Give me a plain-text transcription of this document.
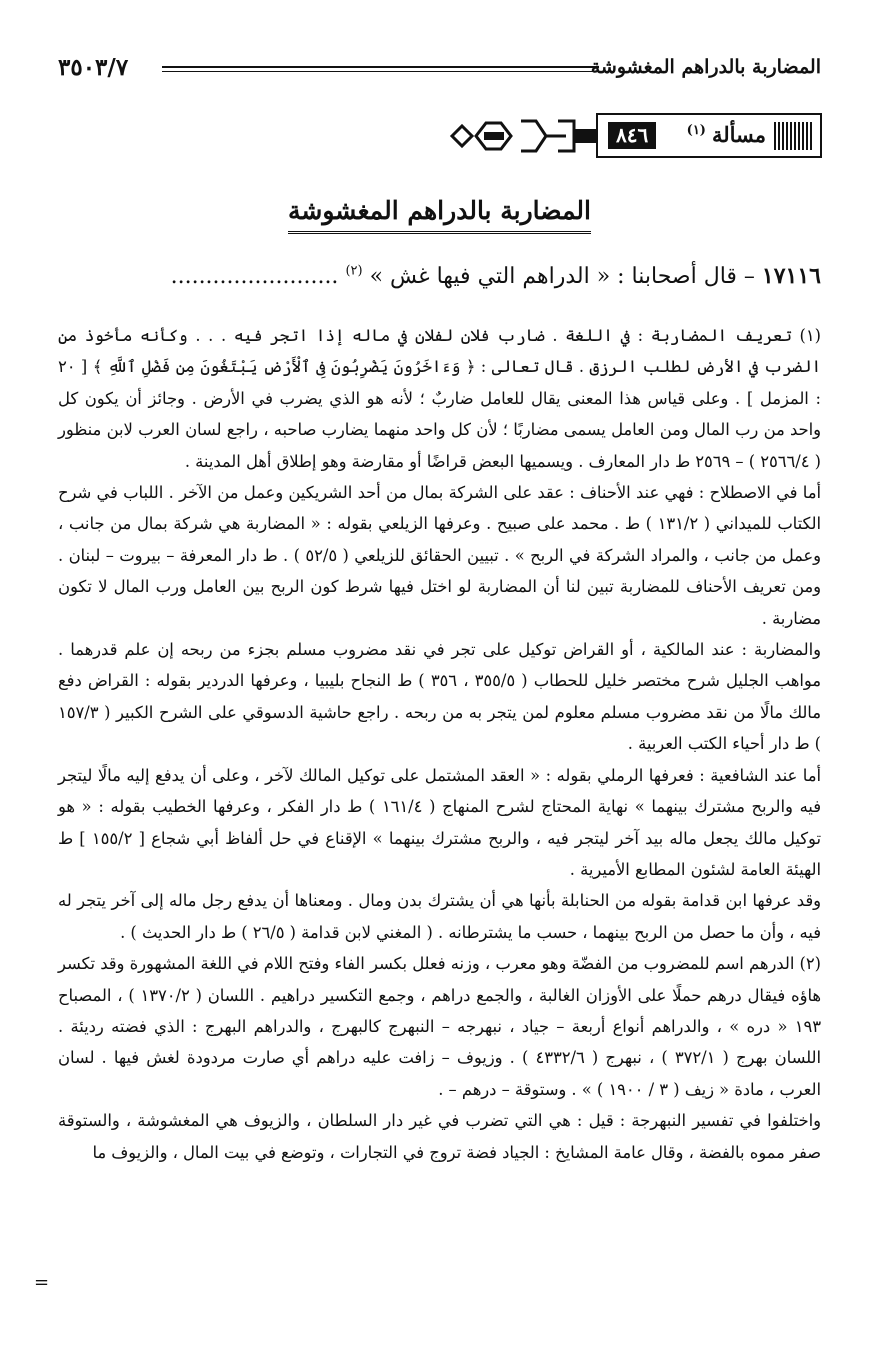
المضاربة بالدراهم المغشوشة
٣٥٠٣/٧
مسألة$^{(١)}$
٨٤٦
المضاربة بالدراهم المغشوشة
١٧١١٦ – قال أصحابنا : « الدراهم التي فيها غش » $^{(٢)}$ ........................

(١) تعريف المضاربة : في اللغة . ضارب فلان لفلان في ماله إذا اتجر فيه . . . وكأنه مأخوذ من الضرب في الأرض لطلب الرزق . قال تعالى : ﴿ وَءَاخَرُونَ يَضْرِبُونَ فِى ٱلْأَرْضِ يَبْتَغُونَ مِن فَضْلِ ٱللَّهِ ﴾ [ ٢٠ : المزمل ] . وعلى قياس هذا المعنى يقال للعامل ضاربٌ ؛ لأنه هو الذي يضرب في الأرض . وجائز أن يكون كل واحد من رب المال ومن العامل يسمى مضاربًا ؛ لأن كل واحد منهما يضارب صاحبه ، راجع لسان العرب لابن منظور ( ٢٥٦٦/٤ ) – ٢٥٦٩ ط دار المعارف . ويسميها البعض قراضًا أو مقارضة وهو إطلاق أهل المدينة .

أما في الاصطلاح : فهي عند الأحناف : عقد على الشركة بمال من أحد الشريكين وعمل من الآخر . اللباب في شرح الكتاب للميداني ( ١٣١/٢ ) ط . محمد على صبيح . وعرفها الزيلعي بقوله : « المضاربة هي شركة بمال من جانب ، وعمل من جانب ، والمراد الشركة في الربح » . تبيين الحقائق للزيلعي ( ٥٢/٥ ) . ط دار المعرفة – بيروت – لبنان . ومن تعريف الأحناف للمضاربة تبين لنا أن المضاربة لو اختل فيها شرط كون الربح بين العامل ورب المال لا تكون مضاربة .

والمضاربة : عند المالكية ، أو القراض توكيل على تجر في نقد مضروب مسلم بجزء من ربحه إن علم قدرهما . مواهب الجليل شرح مختصر خليل للحطاب ( ٣٥٥/٥ ، ٣٥٦ ) ط النجاح بليبيا ، وعرفها الدردير بقوله : القراض دفع مالك مالًا من نقد مضروب مسلم معلوم لمن يتجر به من ربحه . راجع حاشية الدسوقي على الشرح الكبير ( ١٥٧/٣ ) ط دار أحياء الكتب العربية .

أما عند الشافعية : فعرفها الرملي بقوله : « العقد المشتمل على توكيل المالك لآخر ، وعلى أن يدفع إليه مالًا ليتجر فيه والربح مشترك بينهما » نهاية المحتاج لشرح المنهاج ( ١٦١/٤ ) ط دار الفكر ، وعرفها الخطيب بقوله : « هو توكيل مالك يجعل ماله بيد آخر ليتجر فيه ، والربح مشترك بينهما » الإقناع في حل ألفاظ أبي شجاع [ ١٥٥/٢ ] ط الهيئة العامة لشئون المطابع الأميرية .

وقد عرفها ابن قدامة بقوله من الحنابلة بأنها هي أن يشترك بدن ومال . ومعناها أن يدفع رجل ماله إلى آخر يتجر له فيه ، وأن ما حصل من الربح بينهما ، حسب ما يشترطانه . ( المغني لابن قدامة ( ٢٦/٥ ) ط دار الحديث ) .

(٢) الدرهم اسم للمضروب من الفضّة وهو معرب ، وزنه فعلل بكسر الفاء وفتح اللام في اللغة المشهورة وقد تكسر هاؤه فيقال درهم حملًا على الأوزان الغالبة ، والجمع دراهم ، وجمع التكسير دراهيم . اللسان ( ١٣٧٠/٢ ) ، المصباح ١٩٣ « دره » ، والدراهم أنواع أربعة – جياد ، نبهرجه – النبهرج كالبهرج ، والدراهم البهرج : الذي فضته رديئة . اللسان بهرج ( ٣٧٢/١ ) ، نبهرج ( ٤٣٣٢/٦ ) . وزيوف – زافت عليه دراهم أي صارت مردودة لغش فيها . لسان العرب ، مادة « زيف ( ٣ / ١٩٠٠ ) » . وستوقة – درهم – .

واختلفوا في تفسير النبهرجة : قيل : هي التي تضرب في غير دار السلطان ، والزيوف هي المغشوشة ، والستوقة صفر مموه بالفضة ، وقال عامة المشايخ : الجياد فضة تروج في التجارات ، وتوضع في بيت المال ، والزيوف ما

=
